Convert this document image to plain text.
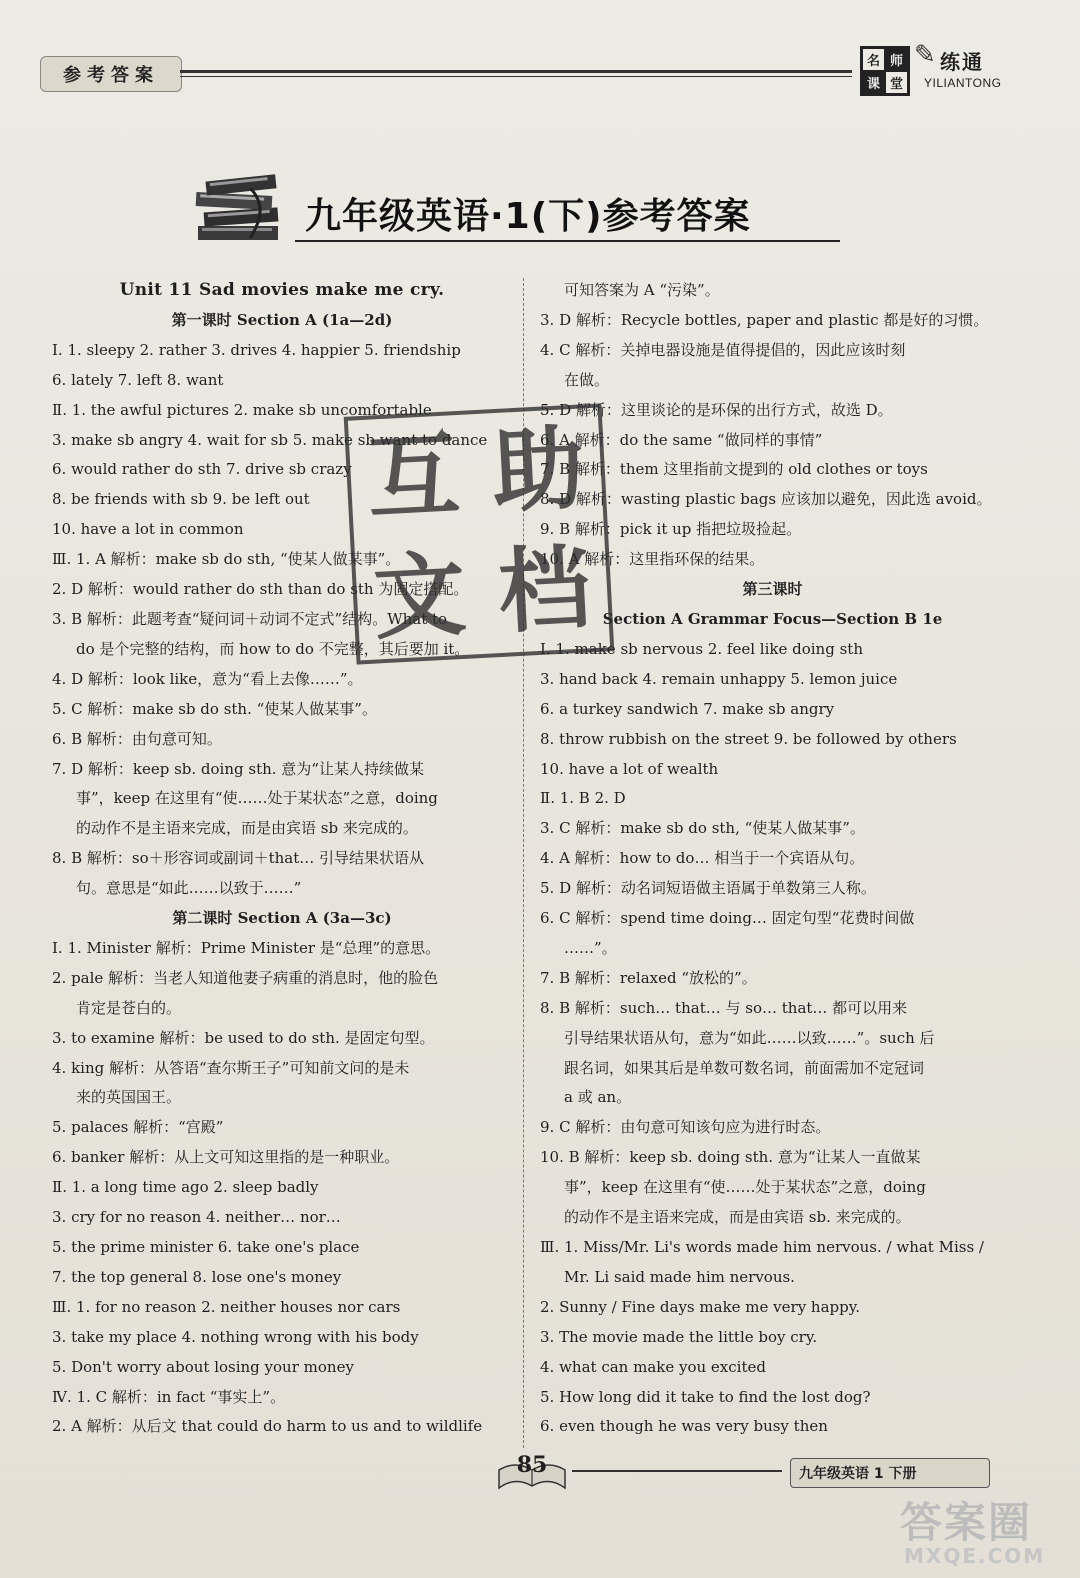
参考答案
名 师
课 堂
✎ 练通
YILIANTONG
九年级英语·1(下)参考答案
Unit 11 Sad movies make me cry.
第一课时 Section A (1a—2d)
Ⅰ. 1. sleepy 2. rather 3. drives 4. happier 5. friendship
6. lately 7. left 8. want
Ⅱ. 1. the awful pictures 2. make sb uncomfortable
3. make sb angry 4. wait for sb 5. make sb want to dance
6. would rather do sth 7. drive sb crazy
8. be friends with sb 9. be left out
10. have a lot in common
Ⅲ. 1. A 解析：make sb do sth, “使某人做某事”。
2. D 解析：would rather do sth than do sth 为固定搭配。
3. B 解析：此题考查“疑问词＋动词不定式”结构。What to
do 是个完整的结构，而 how to do 不完整，其后要加 it。
4. D 解析：look like，意为“看上去像……”。
5. C 解析：make sb do sth. “使某人做某事”。
6. B 解析：由句意可知。
7. D 解析：keep sb. doing sth. 意为“让某人持续做某
事”，keep 在这里有“使……处于某状态”之意，doing
的动作不是主语来完成，而是由宾语 sb 来完成的。
8. B 解析：so＋形容词或副词＋that… 引导结果状语从
句。意思是“如此……以致于……”
第二课时 Section A (3a—3c)
Ⅰ. 1. Minister 解析：Prime Minister 是“总理”的意思。
2. pale 解析：当老人知道他妻子病重的消息时，他的脸色
肯定是苍白的。
3. to examine 解析：be used to do sth. 是固定句型。
4. king 解析：从答语“查尔斯王子”可知前文问的是未
来的英国国王。
5. palaces 解析：“宫殿”
6. banker 解析：从上文可知这里指的是一种职业。
Ⅱ. 1. a long time ago 2. sleep badly
3. cry for no reason 4. neither… nor…
5. the prime minister 6. take one's place
7. the top general 8. lose one's money
Ⅲ. 1. for no reason 2. neither houses nor cars
3. take my place 4. nothing wrong with his body
5. Don't worry about losing your money
Ⅳ. 1. C 解析：in fact “事实上”。
2. A 解析：从后文 that could do harm to us and to wildlife
可知答案为 A “污染”。
3. D 解析：Recycle bottles, paper and plastic 都是好的习惯。
4. C 解析：关掉电器设施是值得提倡的，因此应该时刻
在做。
5. D 解析：这里谈论的是环保的出行方式，故选 D。
6. A 解析：do the same “做同样的事情”
7. B 解析：them 这里指前文提到的 old clothes or toys
8. D 解析：wasting plastic bags 应该加以避免，因此选 avoid。
9. B 解析：pick it up 指把垃圾捡起。
10. A 解析：这里指环保的结果。
第三课时
Section A Grammar Focus—Section B 1e
Ⅰ. 1. make sb nervous 2. feel like doing sth
3. hand back 4. remain unhappy 5. lemon juice
6. a turkey sandwich 7. make sb angry
8. throw rubbish on the street 9. be followed by others
10. have a lot of wealth
Ⅱ. 1. B 2. D
3. C 解析：make sb do sth, “使某人做某事”。
4. A 解析：how to do… 相当于一个宾语从句。
5. D 解析：动名词短语做主语属于单数第三人称。
6. C 解析：spend time doing… 固定句型“花费时间做
……”。
7. B 解析：relaxed “放松的”。
8. B 解析：such… that… 与 so… that… 都可以用来
引导结果状语从句，意为“如此……以致……”。such 后
跟名词，如果其后是单数可数名词，前面需加不定冠词
a 或 an。
9. C 解析：由句意可知该句应为进行时态。
10. B 解析：keep sb. doing sth. 意为“让某人一直做某
事”，keep 在这里有“使……处于某状态”之意，doing
的动作不是主语来完成，而是由宾语 sb. 来完成的。
Ⅲ. 1. Miss/Mr. Li's words made him nervous. / what Miss /
Mr. Li said made him nervous.
2. Sunny / Fine days make me very happy.
3. The movie made the little boy cry.
4. what can make you excited
5. How long did it take to find the lost dog?
6. even though he was very busy then
互 助
文 档
85	九年级英语 1 下册
答案圈
MXQE.COM
